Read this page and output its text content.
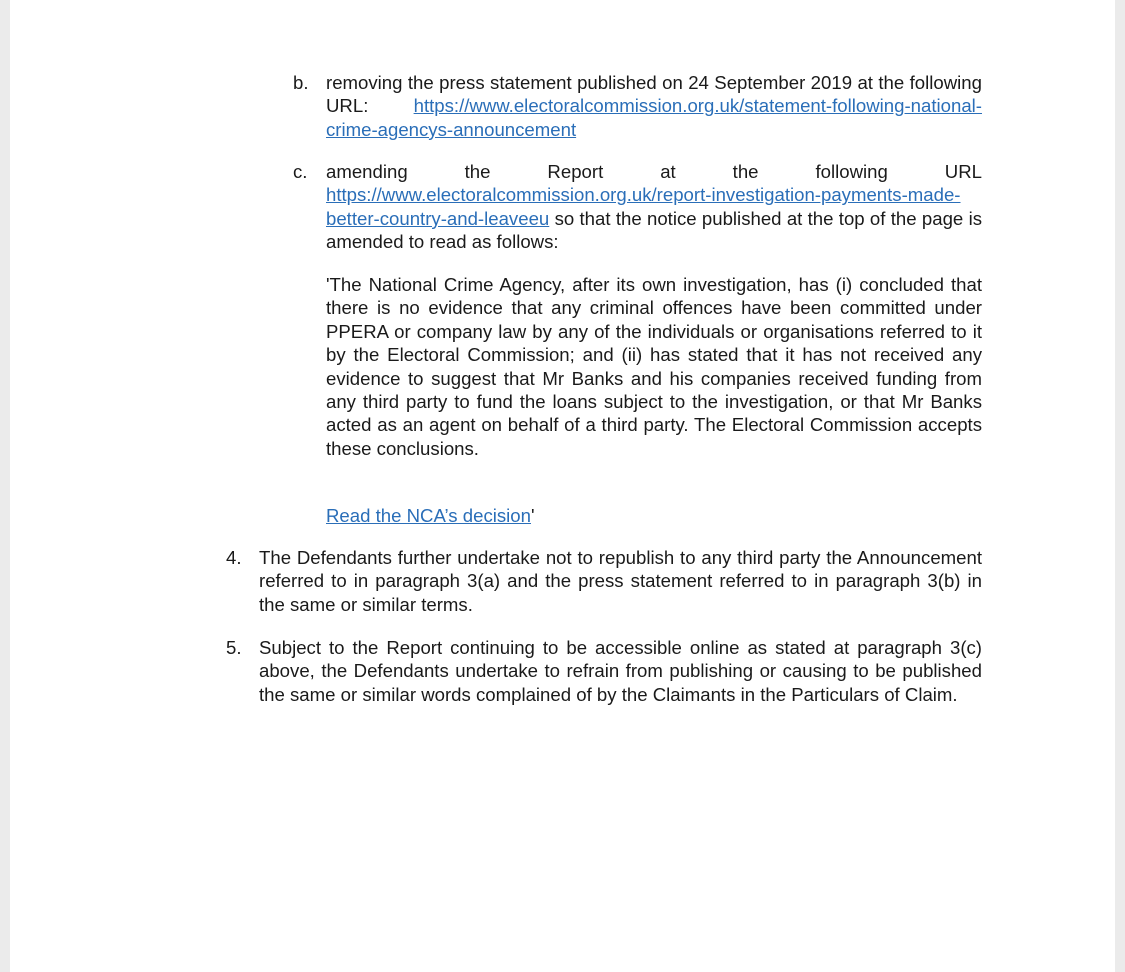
b. removing the press statement published on 24 September 2019 at the following URL: https://www.electoralcommission.org.uk/statement-following-national-crime-agencys-announcement
c. amending the Report at the following URL https://www.electoralcommission.org.uk/report-investigation-payments-made-better-country-and-leaveeu so that the notice published at the top of the page is amended to read as follows:
'The National Crime Agency, after its own investigation, has (i) concluded that there is no evidence that any criminal offences have been committed under PPERA or company law by any of the individuals or organisations referred to it by the Electoral Commission; and (ii) has stated that it has not received any evidence to suggest that Mr Banks and his companies received funding from any third party to fund the loans subject to the investigation, or that Mr Banks acted as an agent on behalf of a third party. The Electoral Commission accepts these conclusions.
Read the NCA’s decision'
4. The Defendants further undertake not to republish to any third party the Announcement referred to in paragraph 3(a) and the press statement referred to in paragraph 3(b) in the same or similar terms.
5. Subject to the Report continuing to be accessible online as stated at paragraph 3(c) above, the Defendants undertake to refrain from publishing or causing to be published the same or similar words complained of by the Claimants in the Particulars of Claim.
